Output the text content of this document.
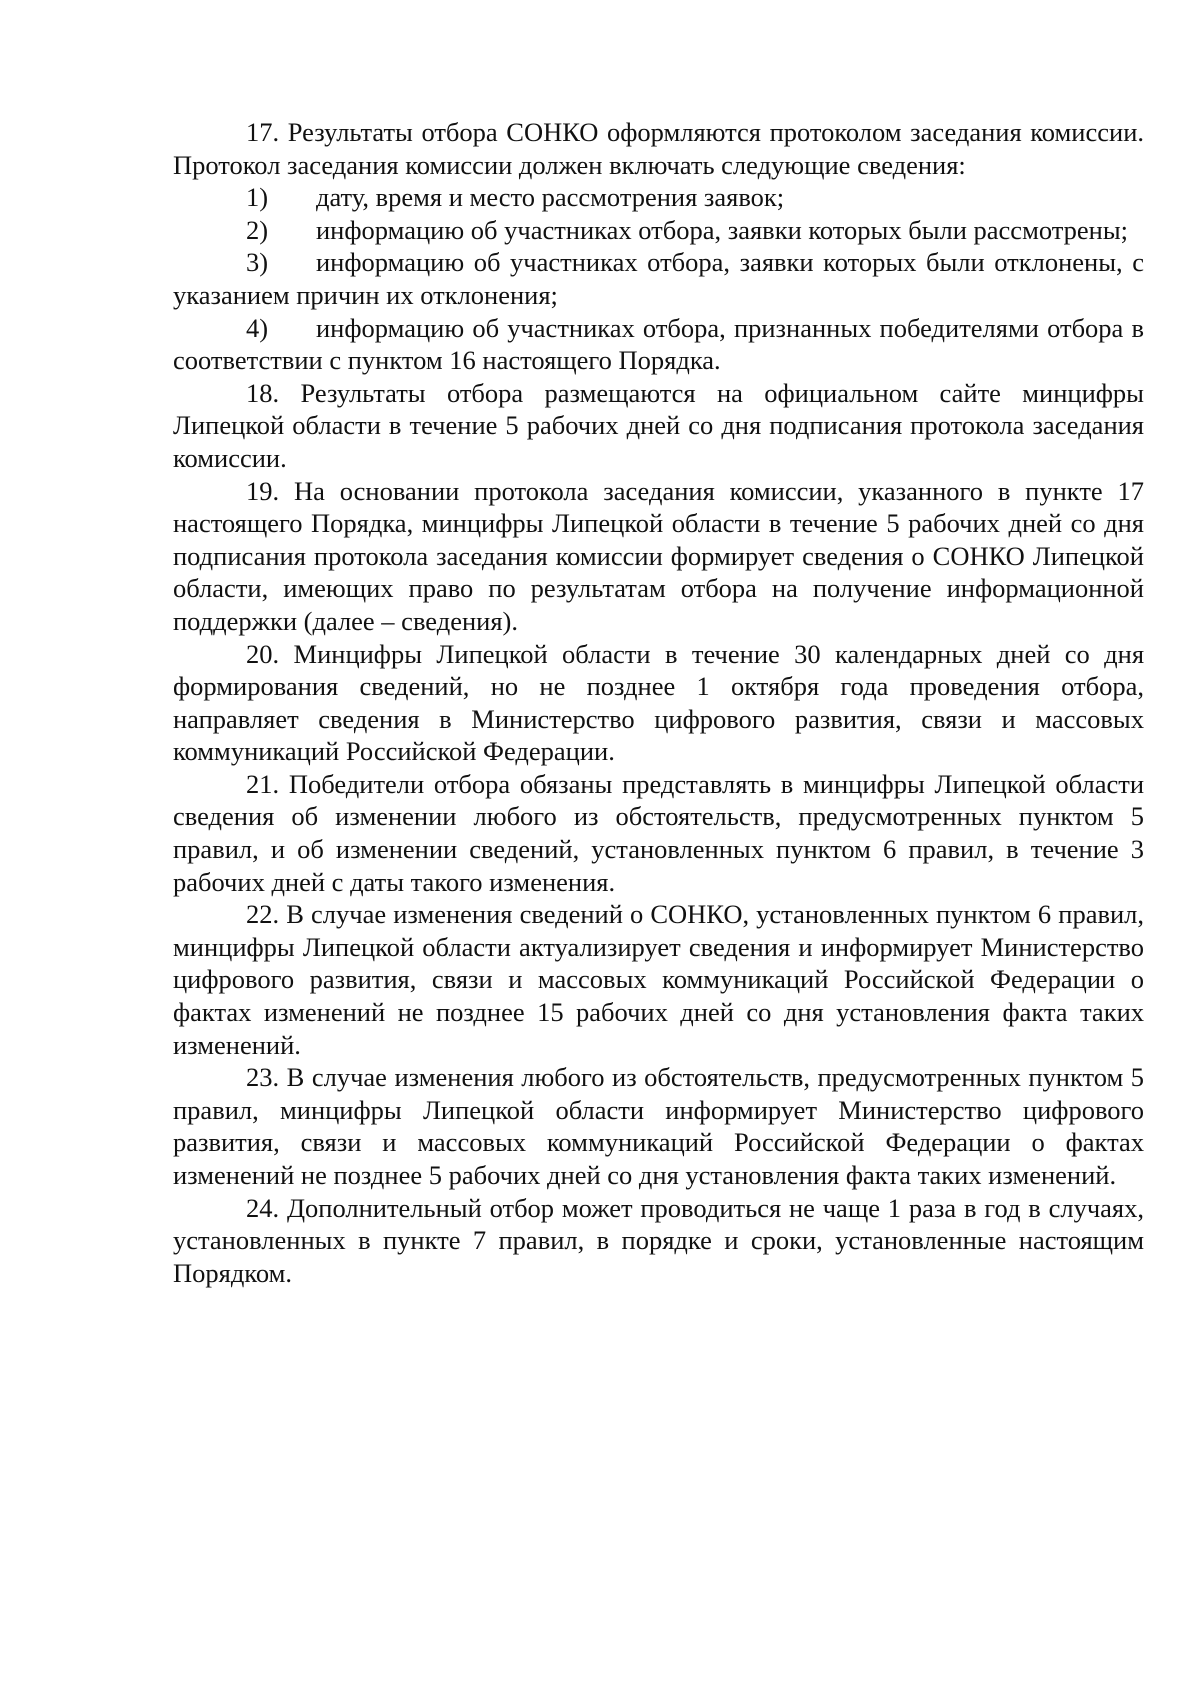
17. Результаты отбора СОНКО оформляются протоколом заседания комиссии. Протокол заседания комиссии должен включать следующие сведения:

1) дату, время и место рассмотрения заявок;

2) информацию об участниках отбора, заявки которых были рассмотрены;

3) информацию об участниках отбора, заявки которых были отклонены, с указанием причин их отклонения;

4) информацию об участниках отбора, признанных победителями отбора в соответствии с пунктом 16 настоящего Порядка.

18. Результаты отбора размещаются на официальном сайте минцифры Липецкой области в течение 5 рабочих дней со дня подписания протокола заседания комиссии.

19. На основании протокола заседания комиссии, указанного в пункте 17 настоящего Порядка, минцифры Липецкой области в течение 5 рабочих дней со дня подписания протокола заседания комиссии формирует сведения о СОНКО Липецкой области, имеющих право по результатам отбора на получение информационной поддержки (далее – сведения).

20. Минцифры Липецкой области в течение 30 календарных дней со дня формирования сведений, но не позднее 1 октября года проведения отбора, направляет сведения в Министерство цифрового развития, связи и массовых коммуникаций Российской Федерации.

21. Победители отбора обязаны представлять в минцифры Липецкой области сведения об изменении любого из обстоятельств, предусмотренных пунктом 5 правил, и об изменении сведений, установленных пунктом 6 правил, в течение 3 рабочих дней с даты такого изменения.

22. В случае изменения сведений о СОНКО, установленных пунктом 6 правил, минцифры Липецкой области актуализирует сведения и информирует Министерство цифрового развития, связи и массовых коммуникаций Российской Федерации о фактах изменений не позднее 15 рабочих дней со дня установления факта таких изменений.

23. В случае изменения любого из обстоятельств, предусмотренных пунктом 5 правил, минцифры Липецкой области информирует Министерство цифрового развития, связи и массовых коммуникаций Российской Федерации о фактах изменений не позднее 5 рабочих дней со дня установления факта таких изменений.

24. Дополнительный отбор может проводиться не чаще 1 раза в год в случаях, установленных в пункте 7 правил, в порядке и сроки, установленные настоящим Порядком.
